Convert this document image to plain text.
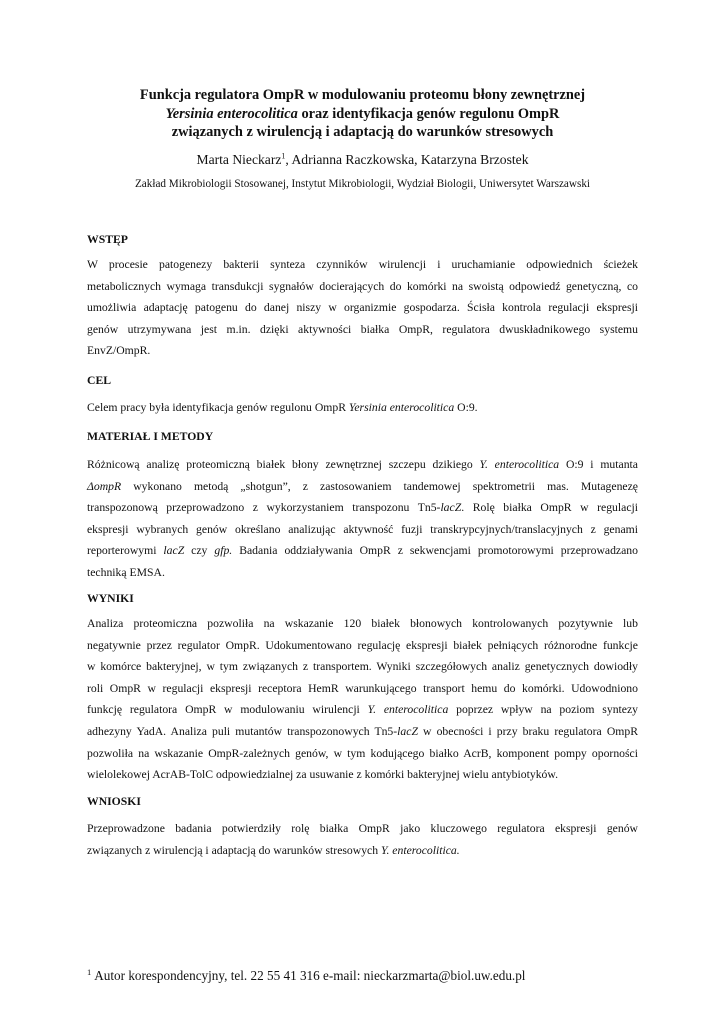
Funkcja regulatora OmpR w modulowaniu proteomu błony zewnętrznej
Yersinia enterocolitica oraz identyfikacja genów regulonu OmpR
związanych z wirulencją i adaptacją do warunków stresowych
Marta Nieckarz$^1$, Adrianna Raczkowska, Katarzyna Brzostek
Zakład Mikrobiologii Stosowanej, Instytut Mikrobiologii, Wydział Biologii, Uniwersytet Warszawski
WSTĘP
W procesie patogenezy bakterii synteza czynników wirulencji i uruchamianie odpowiednich ścieżek
metabolicznych wymaga transdukcji sygnałów docierających do komórki na swoistą odpowiedź genetyczną, co
umożliwia adaptację patogenu do danej niszy w organizmie gospodarza. Ścisła kontrola regulacji ekspresji
genów utrzymywana jest m.in. dzięki aktywności białka OmpR, regulatora dwuskładnikowego systemu
EnvZ/OmpR.
CEL
Celem pracy była identyfikacja genów regulonu OmpR Yersinia enterocolitica O:9.
MATERIAŁ I METODY
Różnicową analizę proteomiczną białek błony zewnętrznej szczepu dzikiego Y. enterocolitica O:9 i mutanta
ΔompR wykonano metodą „shotgun”, z zastosowaniem tandemowej spektrometrii mas. Mutagenezę
transpozonową przeprowadzono z wykorzystaniem transpozonu Tn5-lacZ. Rolę białka OmpR w regulacji
ekspresji wybranych genów określano analizując aktywność fuzji transkrypcyjnych/translacyjnych z genami
reporterowymi lacZ czy gfp. Badania oddziaływania OmpR z sekwencjami promotorowymi przeprowadzano
techniką EMSA.
WYNIKI
Analiza proteomiczna pozwoliła na wskazanie 120 białek błonowych kontrolowanych pozytywnie lub
negatywnie przez regulator OmpR. Udokumentowano regulację ekspresji białek pełniących różnorodne funkcje
w komórce bakteryjnej, w tym związanych z transportem. Wyniki szczegółowych analiz genetycznych dowiodły
roli OmpR w regulacji ekspresji receptora HemR warunkującego transport hemu do komórki. Udowodniono
funkcję regulatora OmpR w modulowaniu wirulencji Y. enterocolitica poprzez wpływ na poziom syntezy
adhezyny YadA. Analiza puli mutantów transpozonowych Tn5-lacZ w obecności i przy braku regulatora OmpR
pozwoliła na wskazanie OmpR-zależnych genów, w tym kodującego białko AcrB, komponent pompy oporności
wielolekowej AcrAB-TolC odpowiedzialnej za usuwanie z komórki bakteryjnej wielu antybiotyków.
WNIOSKI
Przeprowadzone badania potwierdziły rolę białka OmpR jako kluczowego regulatora ekspresji genów
związanych z wirulencją i adaptacją do warunków stresowych Y. enterocolitica.
$^1$ Autor korespondencyjny, tel. 22 55 41 316 e-mail: nieckarzmarta@biol.uw.edu.pl
